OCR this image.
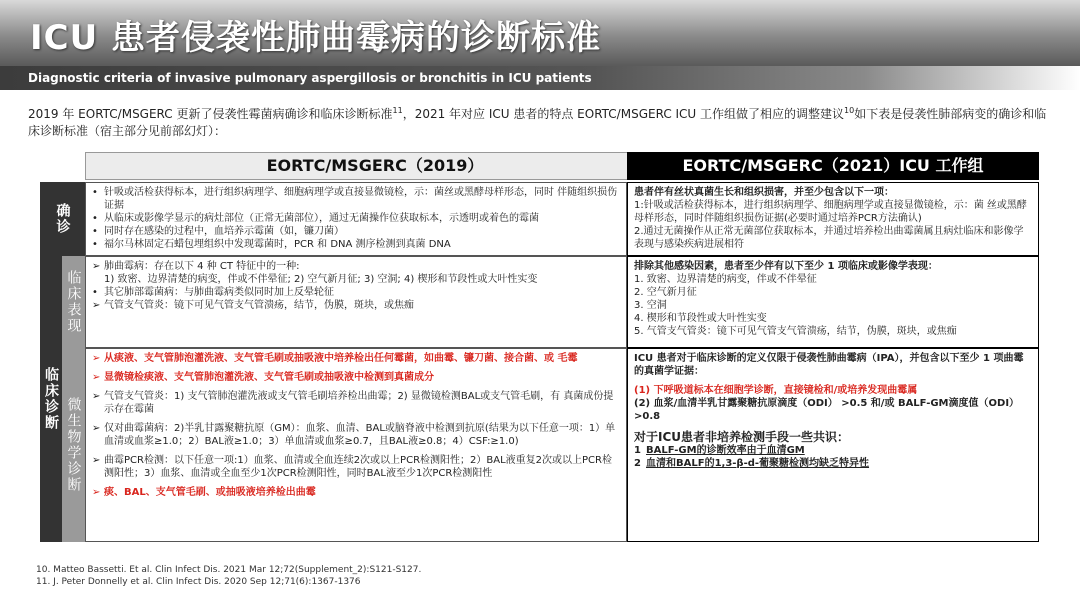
ICU 患者侵袭性肺曲霉病的诊断标准
Diagnostic criteria of invasive pulmonary aspergillosis or bronchitis in ICU patients
2019 年 EORTC/MSGERC 更新了侵袭性霉菌病确诊和临床诊断标准$^{11}$，2021 年对应 ICU 患者的特点 EORTC/MSGERC ICU 工作组做了相应的调整建议$^{10}$如下表是侵袭性肺部病变的确诊和临床诊断标准（宿主部分见前部幻灯）：
EORTC/MSGERC（2019）	EORTC/MSGERC（2021）ICU 工作组
确诊
• 针吸或活检获得标本，进行组织病理学、细胞病理学或直接显微镜检，示：菌丝或黑酵母样形态，同时 伴随组织损伤证据
• 从临床或影像学显示的病灶部位（正常无菌部位），通过无菌操作位获取标本，示透明或着色的霉菌
• 同时存在感染的过程中，血培养示霉菌（如，镰刀菌）
• 福尔马林固定石蜡包埋组织中发现霉菌时，PCR 和 DNA 测序检测到真菌 DNA
患者伴有丝状真菌生长和组织损害，并至少包含以下一项：
1:针吸或活检获得标本，进行组织病理学、细胞病理学或直接显微镜检，示：菌 丝或黑酵母样形态，同时伴随组织损伤证据(必要时通过培养PCR方法确认)
2.通过无菌操作从正常无菌部位获取标本，并通过培养检出曲霉菌属且病灶临床和影像学表现与感染疾病进展相符
临床诊断
临床表现
➢ 肺曲霉病：存在以下 4 种 CT 特征中的一种:
1) 致密、边界清楚的病变，伴或不伴晕征; 2) 空气新月征; 3) 空洞; 4) 楔形和节段性或大叶性实变
• 其它肺部霉菌病：与肺曲霉病类似同时加上反晕轮征
➢ 气管支气管炎：镜下可见气管支气管溃疡，结节，伪膜，斑块，或焦痂
排除其他感染因素，患者至少伴有以下至少 1 项临床或影像学表现：
1. 致密、边界清楚的病变，伴或不伴晕征
2. 空气新月征
3. 空洞
4. 楔形和节段性或大叶性实变
5. 气管支气管炎：镜下可见气管支气管溃疡，结节，伪膜，斑块，或焦痂
微生物学诊断
➢ 从痰液、支气管肺泡灌洗液、支气管毛刷或抽吸液中培养检出任何霉菌，如曲霉、镰刀菌、接合菌、或 毛霉
➢ 显微镜检痰液、支气管肺泡灌洗液、支气管毛刷或抽吸液中检测到真菌成分
➢ 气管支气管炎：1) 支气管肺泡灌洗液或支气管毛刷培养检出曲霉；2) 显微镜检测BAL或支气管毛刷，有 真菌成份提示存在霉菌
➢ 仅对曲霉菌病：2)半乳甘露聚糖抗原（GM）：血浆、血清、BAL或脑脊液中检测到抗原(结果为以下任意一项：1）单血清或血浆≥1.0；2）BAL液≥1.0；3）单血清或血浆≥0.7，且BAL液≥0.8；4）CSF:≥1.0)
➢ 曲霉PCR检测：以下任意一项:1）血浆、血清或全血连续2次或以上PCR检测阳性；2）BAL液重复2次或以上PCR检测阳性；3）血浆、血清或全血至少1次PCR检测阳性，同时BAL液至少1次PCR检测阳性
➢ 痰、BAL、支气管毛刷、或抽吸液培养检出曲霉
ICU 患者对于临床诊断的定义仅限于侵袭性肺曲霉病（IPA），并包含以下至少 1 项曲霉的真菌学证据：
(1) 下呼吸道标本在细胞学诊断，直接镜检和/或培养发现曲霉属
(2) 血浆/血清半乳甘露聚糖抗原滴度（ODI） >0.5 和/或 BALF-GM滴度值（ODI） >0.8
对于ICU患者非培养检测手段一些共识：
1 BALF-GM的诊断效率由于血清GM
2 血清和BALF的1,3-β-d-葡聚糖检测均缺乏特异性
10. Matteo Bassetti. Et al. Clin Infect Dis. 2021 Mar 12;72(Supplement_2):S121-S127.
11. J. Peter Donnelly et al. Clin Infect Dis. 2020 Sep 12;71(6):1367-1376
